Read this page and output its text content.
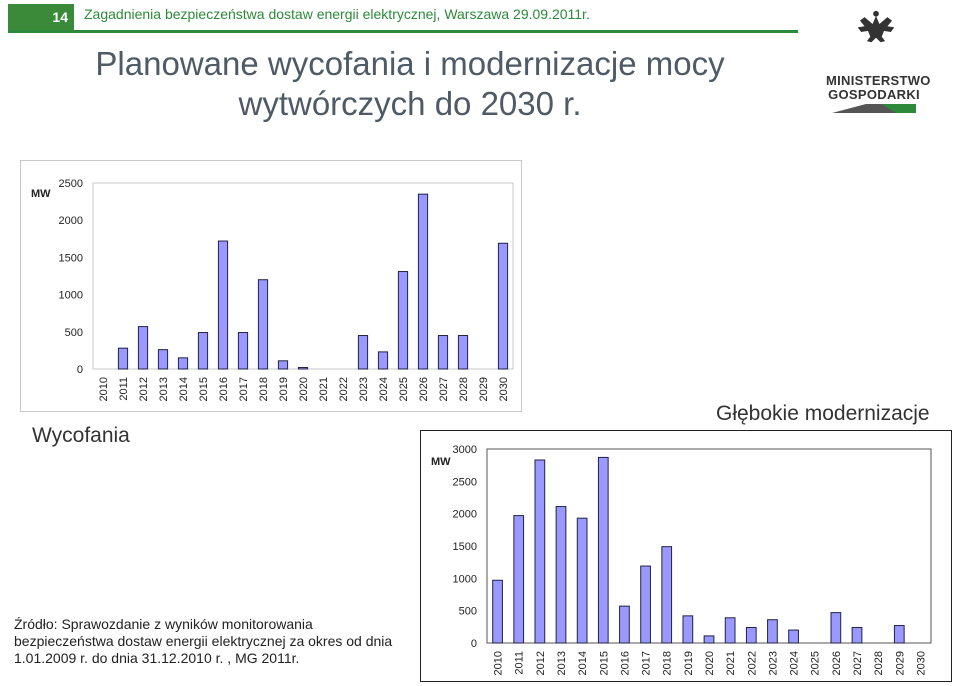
14	Zagadnienia bezpieczeństwa dostaw energii elektrycznej, Warszawa 29.09.2011r.
Planowane wycofania i modernizacje mocy
wytwórczych do 2030 r.
MINISTERSTWO
GOSPODARKI
MW
0
500
1000
1500
2000
2500
2010 2011 2012 2013 2014 2015 2016 2017 2018 2019 2020 2021 2022 2023 2024 2025 2026 2027 2028 2029 2030
Wycofania
Głębokie modernizacje
MW
0
500
1000
1500
2000
2500
3000
2010 2011 2012 2013 2014 2015 2016 2017 2018 2019 2020 2021 2022 2023 2024 2025 2026 2027 2028 2029 2030
Źródło: Sprawozdanie z wyników monitorowania bezpieczeństwa dostaw energii elektrycznej za okres od dnia 1.01.2009 r. do dnia 31.12.2010 r. , MG 2011r.
